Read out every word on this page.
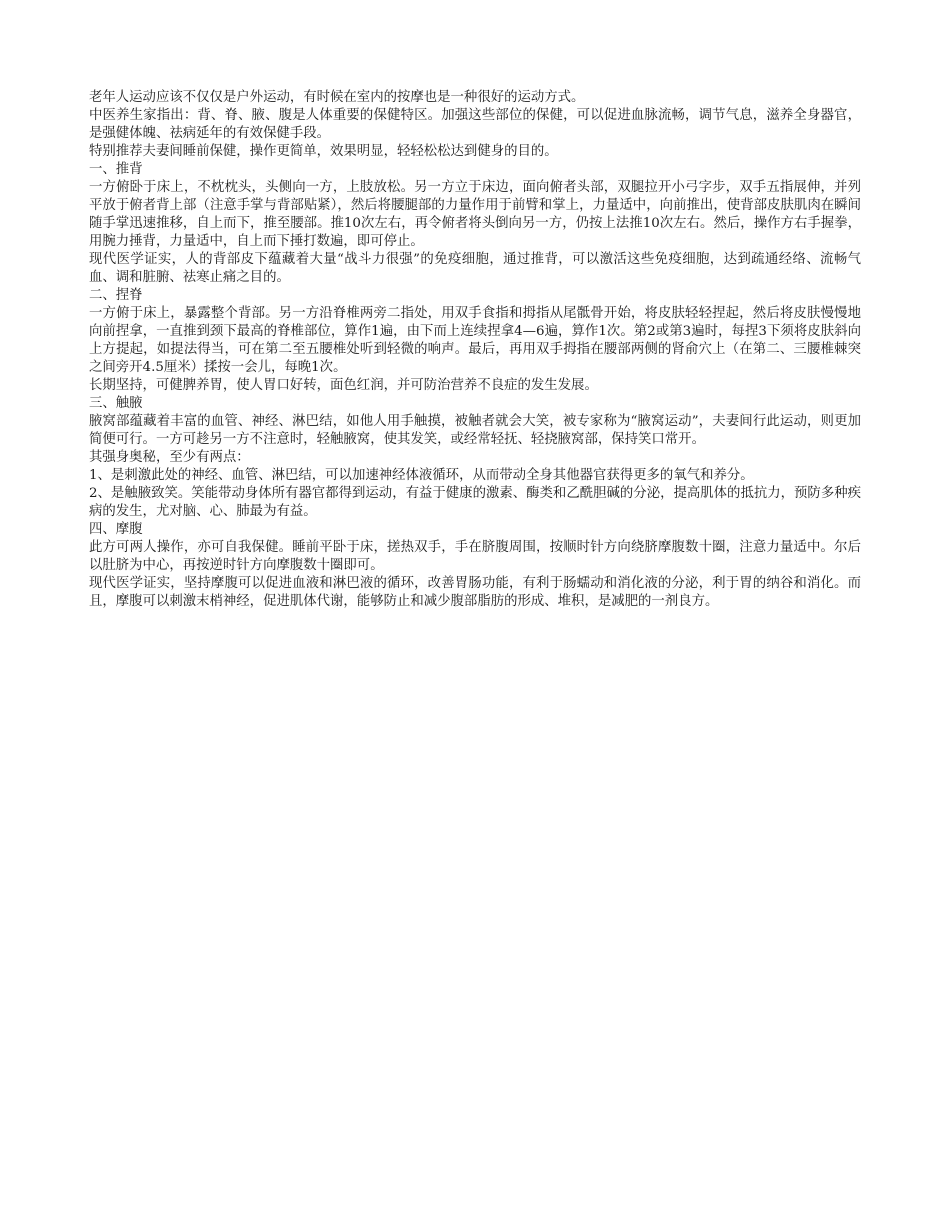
老年人运动应该不仅仅是户外运动，有时候在室内的按摩也是一种很好的运动方式。

中医养生家指出：背、脊、腋、腹是人体重要的保健特区。加强这些部位的保健，可以促进血脉流畅，调节气息，滋养全身器官，是强健体魄、祛病延年的有效保健手段。

特别推荐夫妻间睡前保健，操作更简单，效果明显，轻轻松松达到健身的目的。

一、推背

一方俯卧于床上，不枕枕头，头侧向一方，上肢放松。另一方立于床边，面向俯者头部，双腿拉开小弓字步，双手五指展伸，并列平放于俯者背上部（注意手掌与背部贴紧），然后将腰腿部的力量作用于前臂和掌上，力量适中，向前推出，使背部皮肤肌肉在瞬间随手掌迅速推移，自上而下，推至腰部。推10次左右，再令俯者将头倒向另一方，仍按上法推10次左右。然后，操作方右手握拳，用腕力捶背，力量适中，自上而下捶打数遍，即可停止。

现代医学证实，人的背部皮下蕴藏着大量“战斗力很强”的免疫细胞，通过推背，可以激活这些免疫细胞，达到疏通经络、流畅气血、调和脏腑、祛寒止痛之目的。

二、捏脊

一方俯于床上，暴露整个背部。另一方沿脊椎两旁二指处，用双手食指和拇指从尾骶骨开始，将皮肤轻轻捏起，然后将皮肤慢慢地向前捏拿，一直推到颈下最高的脊椎部位，算作1遍，由下而上连续捏拿4—6遍，算作1次。第2或第3遍时，每捏3下须将皮肤斜向上方提起，如提法得当，可在第二至五腰椎处听到轻微的响声。最后，再用双手拇指在腰部两侧的肾俞穴上（在第二、三腰椎棘突之间旁开4.5厘米）揉按一会儿，每晚1次。

长期坚持，可健脾养胃，使人胃口好转，面色红润，并可防治营养不良症的发生发展。

三、触腋

腋窝部蕴藏着丰富的血管、神经、淋巴结，如他人用手触摸，被触者就会大笑，被专家称为“腋窝运动”，夫妻间行此运动，则更加简便可行。一方可趁另一方不注意时，轻触腋窝，使其发笑，或经常轻抚、轻挠腋窝部，保持笑口常开。

其强身奥秘，至少有两点：

1、是刺激此处的神经、血管、淋巴结，可以加速神经体液循环，从而带动全身其他器官获得更多的氧气和养分。

2、是触腋致笑。笑能带动身体所有器官都得到运动，有益于健康的激素、酶类和乙酰胆碱的分泌，提高肌体的抵抗力，预防多种疾病的发生，尤对脑、心、肺最为有益。

四、摩腹

此方可两人操作，亦可自我保健。睡前平卧于床，搓热双手，手在脐腹周围，按顺时针方向绕脐摩腹数十圈，注意力量适中。尔后以肚脐为中心，再按逆时针方向摩腹数十圈即可。

现代医学证实，坚持摩腹可以促进血液和淋巴液的循环，改善胃肠功能，有利于肠蠕动和消化液的分泌，利于胃的纳谷和消化。而且，摩腹可以刺激末梢神经，促进肌体代谢，能够防止和减少腹部脂肪的形成、堆积，是减肥的一剂良方。
